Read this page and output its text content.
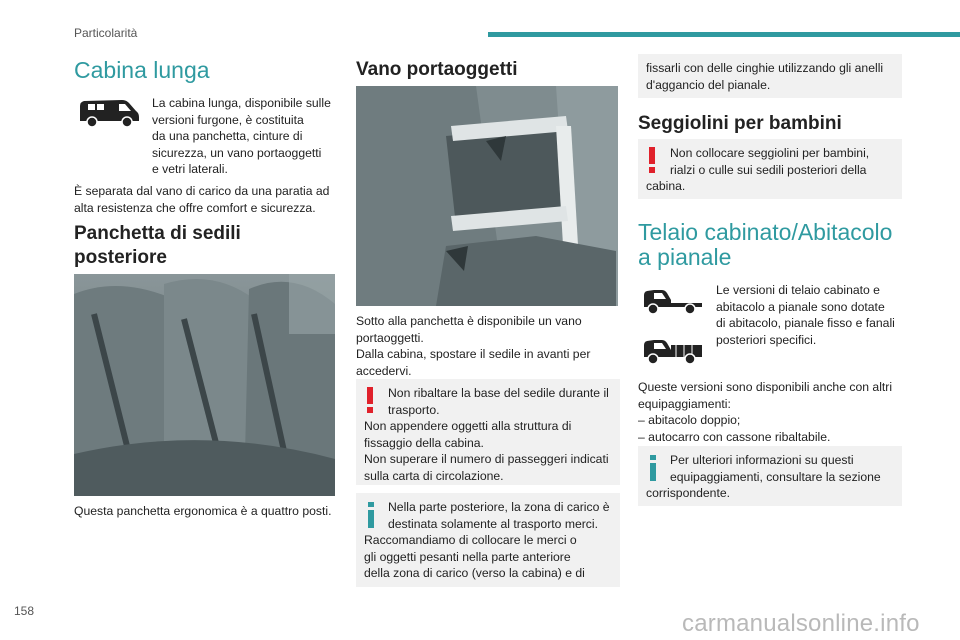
Particolarità
Cabina lunga
La cabina lunga, disponibile sulle
versioni furgone, è costituita
da una panchetta, cinture di
sicurezza, un vano portaoggetti
e vetri laterali.
È separata dal vano di carico da una paratia ad
alta resistenza che offre comfort e sicurezza.
Panchetta di sedili
posteriore
Questa panchetta ergonomica è a quattro posti.
Vano portaoggetti
Sotto alla panchetta è disponibile un vano
portaoggetti.
Dalla cabina, spostare il sedile in avanti per
accedervi.
Non ribaltare la base del sedile durante il
trasporto.
Non appendere oggetti alla struttura di
fissaggio della cabina.
Non superare il numero di passeggeri indicati
sulla carta di circolazione.
Nella parte posteriore, la zona di carico è
destinata solamente al trasporto merci.
Raccomandiamo di collocare le merci o
gli oggetti pesanti nella parte anteriore
della zona di carico (verso la cabina) e di
fissarli con delle cinghie utilizzando gli anelli
d'aggancio del pianale.
Seggiolini per bambini
Non collocare seggiolini per bambini,
rialzi o culle sui sedili posteriori della
cabina.
Telaio cabinato/Abitacolo
a pianale
Le versioni di telaio cabinato e
abitacolo a pianale sono dotate
di abitacolo, pianale fisso e fanali
posteriori specifici.
Queste versioni sono disponibili anche con altri
equipaggiamenti:
– abitacolo doppio;
– autocarro con cassone ribaltabile.
Per ulteriori informazioni su questi
equipaggiamenti, consultare la sezione
corrispondente.
158	carmanualsonline.info
